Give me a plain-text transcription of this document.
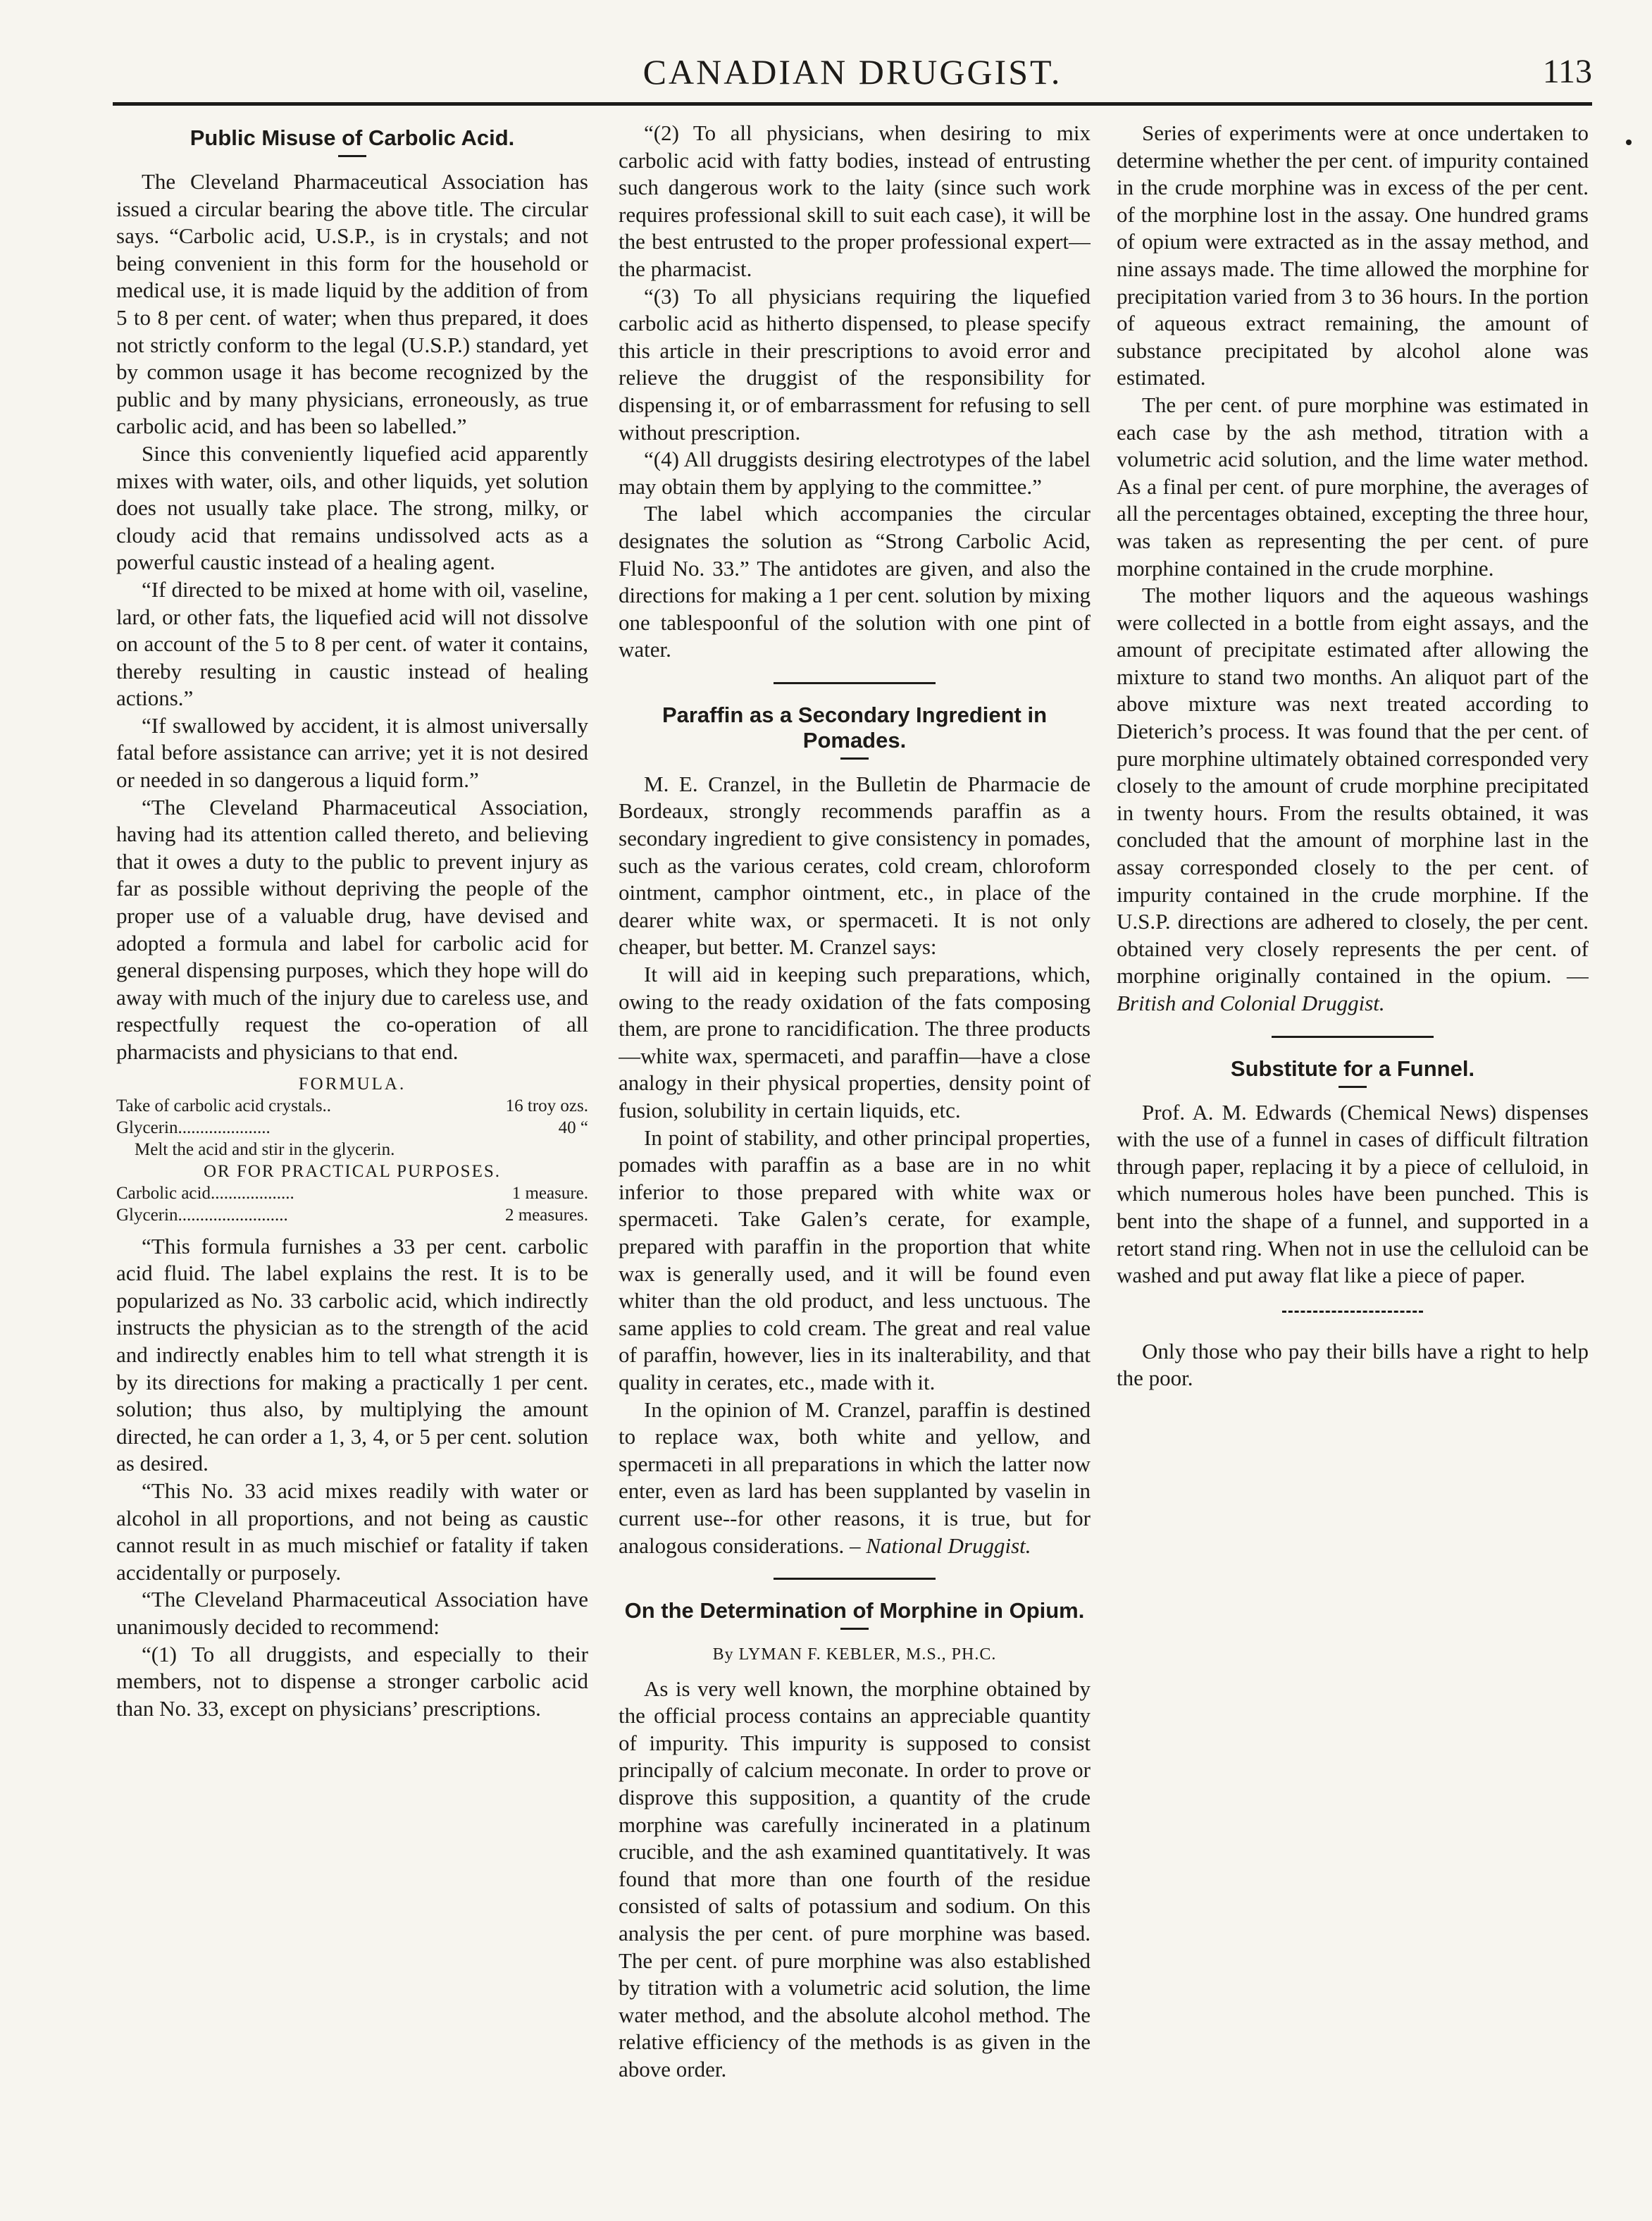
CANADIAN DRUGGIST.	113
Public Misuse of Carbolic Acid.

The Cleveland Pharmaceutical Association has issued a circular bearing the above title. The circular says. “Carbolic acid, U.S.P., is in crystals; and not being convenient in this form for the household or medical use, it is made liquid by the addition of from 5 to 8 per cent. of water; when thus prepared, it does not strictly conform to the legal (U.S.P.) standard, yet by common usage it has become recognized by the public and by many physicians, erroneously, as true carbolic acid, and has been so labelled.”

Since this conveniently liquefied acid apparently mixes with water, oils, and other liquids, yet solution does not usually take place. The strong, milky, or cloudy acid that remains undissolved acts as a powerful caustic instead of a healing agent.

“If directed to be mixed at home with oil, vaseline, lard, or other fats, the liquefied acid will not dissolve on account of the 5 to 8 per cent. of water it contains, thereby resulting in caustic instead of healing actions.”

“If swallowed by accident, it is almost universally fatal before assistance can arrive; yet it is not desired or needed in so dangerous a liquid form.”

“The Cleveland Pharmaceutical Association, having had its attention called thereto, and believing that it owes a duty to the public to prevent injury as far as possible without depriving the people of the proper use of a valuable drug, have devised and adopted a formula and label for carbolic acid for general dispensing purposes, which they hope will do away with much of the injury due to careless use, and respectfully request the co-operation of all pharmacists and physicians to that end.

FORMULA.
Take of carbolic acid crystals..	16 troy ozs.
Glycerin.....................	40 “
Melt the acid and stir in the glycerin.
OR FOR PRACTICAL PURPOSES.
Carbolic acid...................	1 measure.
Glycerin.........................	2 measures.

“This formula furnishes a 33 per cent. carbolic acid fluid. The label explains the rest. It is to be popularized as No. 33 carbolic acid, which indirectly instructs the physician as to the strength of the acid and indirectly enables him to tell what strength it is by its directions for making a practically 1 per cent. solution; thus also, by multiplying the amount directed, he can order a 1, 3, 4, or 5 per cent. solution as desired.

“This No. 33 acid mixes readily with water or alcohol in all proportions, and not being as caustic cannot result in as much mischief or fatality if taken accidentally or purposely.

“The Cleveland Pharmaceutical Association have unanimously decided to recommend:

“(1) To all druggists, and especially to their members, not to dispense a stronger carbolic acid than No. 33, except on physicians’ prescriptions.

“(2) To all physicians, when desiring to mix carbolic acid with fatty bodies, instead of entrusting such dangerous work to the laity (since such work requires professional skill to suit each case), it will be the best entrusted to the proper professional expert—the pharmacist.

“(3) To all physicians requiring the liquefied carbolic acid as hitherto dispensed, to please specify this article in their prescriptions to avoid error and relieve the druggist of the responsibility for dispensing it, or of embarrassment for refusing to sell without prescription.

“(4) All druggists desiring electrotypes of the label may obtain them by applying to the committee.”

The label which accompanies the circular designates the solution as “Strong Carbolic Acid, Fluid No. 33.” The antidotes are given, and also the directions for making a 1 per cent. solution by mixing one tablespoonful of the solution with one pint of water.

Paraffin as a Secondary Ingredient in Pomades.

M. E. Cranzel, in the Bulletin de Pharmacie de Bordeaux, strongly recommends paraffin as a secondary ingredient to give consistency in pomades, such as the various cerates, cold cream, chloroform ointment, camphor ointment, etc., in place of the dearer white wax, or spermaceti. It is not only cheaper, but better. M. Cranzel says:

It will aid in keeping such preparations, which, owing to the ready oxidation of the fats composing them, are prone to rancidification. The three products—white wax, spermaceti, and paraffin—have a close analogy in their physical properties, density point of fusion, solubility in certain liquids, etc.

In point of stability, and other principal properties, pomades with paraffin as a base are in no whit inferior to those prepared with white wax or spermaceti. Take Galen’s cerate, for example, prepared with paraffin in the proportion that white wax is generally used, and it will be found even whiter than the old product, and less unctuous. The same applies to cold cream. The great and real value of paraffin, however, lies in its inalterability, and that quality in cerates, etc., made with it.

In the opinion of M. Cranzel, paraffin is destined to replace wax, both white and yellow, and spermaceti in all preparations in which the latter now enter, even as lard has been supplanted by vaselin in current use--for other reasons, it is true, but for analogous considerations. – National Druggist.

On the Determination of Morphine in Opium.
By LYMAN F. KEBLER, M.S., PH.C.

As is very well known, the morphine obtained by the official process contains an appreciable quantity of impurity. This impurity is supposed to consist principally of calcium meconate. In order to prove or disprove this supposition, a quantity of the crude morphine was carefully incinerated in a platinum crucible, and the ash examined quantitatively. It was found that more than one fourth of the residue consisted of salts of potassium and sodium. On this analysis the per cent. of pure morphine was based. The per cent. of pure morphine was also established by titration with a volumetric acid solution, the lime water method, and the absolute alcohol method. The relative efficiency of the methods is as given in the above order.

Series of experiments were at once undertaken to determine whether the per cent. of impurity contained in the crude morphine was in excess of the per cent. of the morphine lost in the assay. One hundred grams of opium were extracted as in the assay method, and nine assays made. The time allowed the morphine for precipitation varied from 3 to 36 hours. In the portion of aqueous extract remaining, the amount of substance precipitated by alcohol alone was estimated.

The per cent. of pure morphine was estimated in each case by the ash method, titration with a volumetric acid solution, and the lime water method. As a final per cent. of pure morphine, the averages of all the percentages obtained, excepting the three hour, was taken as representing the per cent. of pure morphine contained in the crude morphine.

The mother liquors and the aqueous washings were collected in a bottle from eight assays, and the amount of precipitate estimated after allowing the mixture to stand two months. An aliquot part of the above mixture was next treated according to Dieterich’s process. It was found that the per cent. of pure morphine ultimately obtained corresponded very closely to the amount of crude morphine precipitated in twenty hours. From the results obtained, it was concluded that the amount of morphine last in the assay corresponded closely to the per cent. of impurity contained in the crude morphine. If the U.S.P. directions are adhered to closely, the per cent. obtained very closely represents the per cent. of morphine originally contained in the opium. —British and Colonial Druggist.

Substitute for a Funnel.

Prof. A. M. Edwards (Chemical News) dispenses with the use of a funnel in cases of difficult filtration through paper, replacing it by a piece of celluloid, in which numerous holes have been punched. This is bent into the shape of a funnel, and supported in a retort stand ring. When not in use the celluloid can be washed and put away flat like a piece of paper.

Only those who pay their bills have a right to help the poor.
